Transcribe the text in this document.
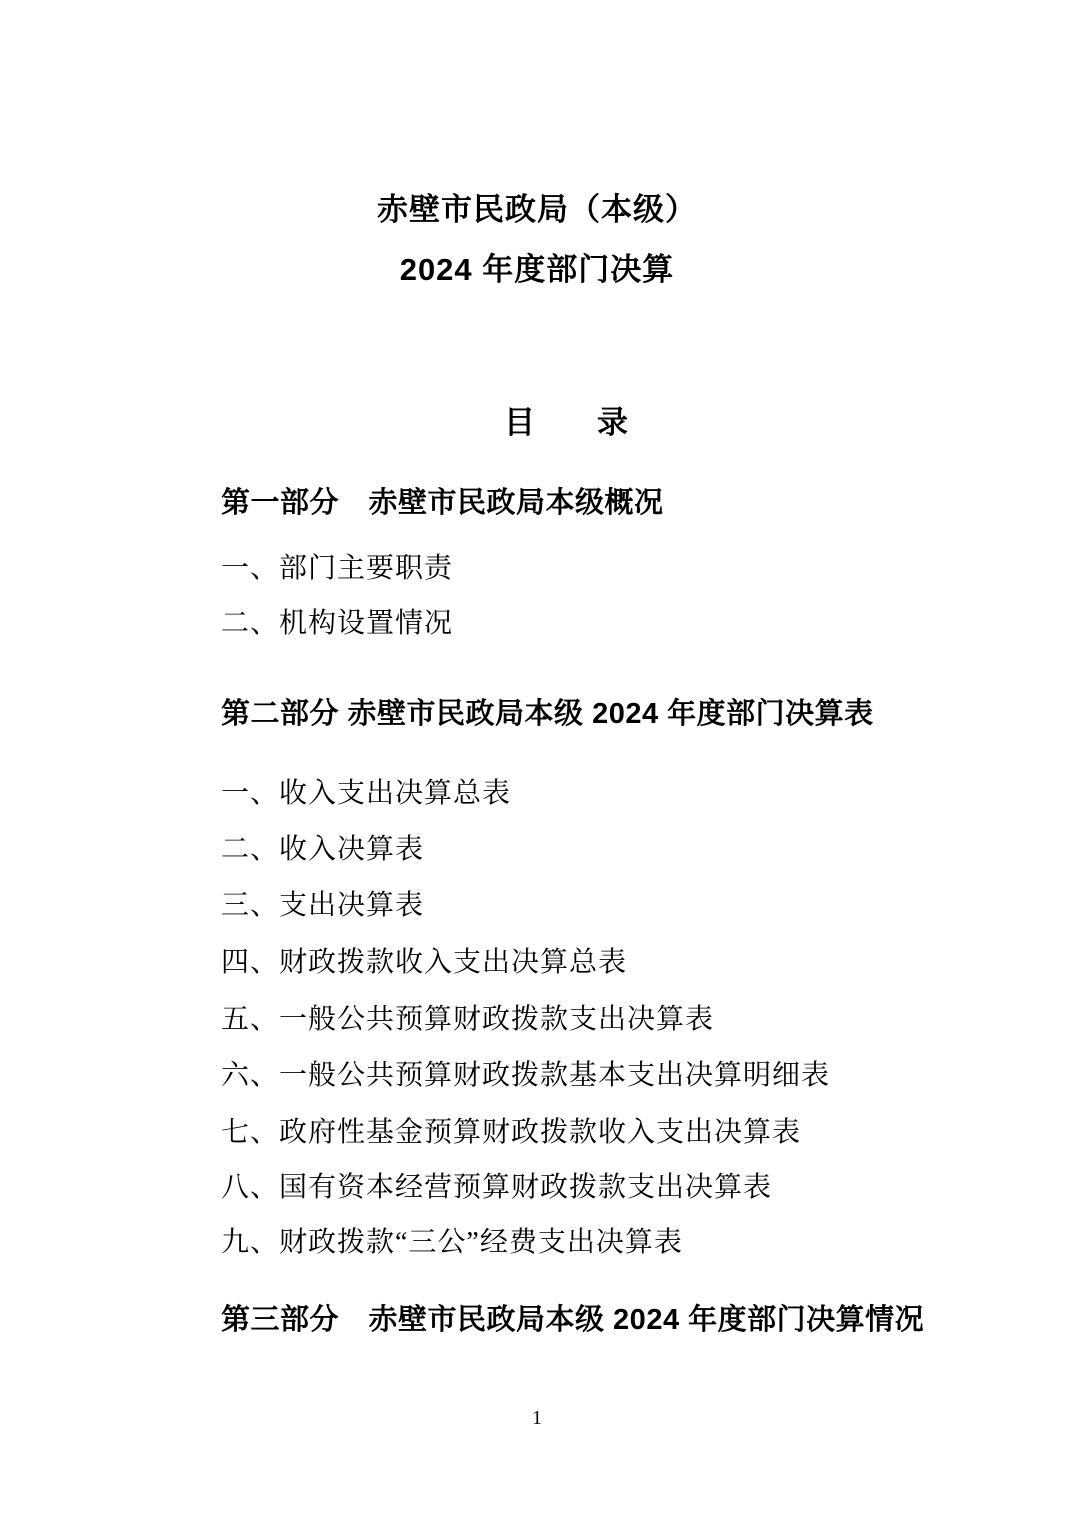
赤壁市民政局（本级）
2024 年度部门决算
目　　录
第一部分　赤壁市民政局本级概况
一、部门主要职责
二、机构设置情况
第二部分 赤壁市民政局本级 2024 年度部门决算表
一、收入支出决算总表
二、收入决算表
三、支出决算表
四、财政拨款收入支出决算总表
五、一般公共预算财政拨款支出决算表
六、一般公共预算财政拨款基本支出决算明细表
七、政府性基金预算财政拨款收入支出决算表
八、国有资本经营预算财政拨款支出决算表
九、财政拨款“三公”经费支出决算表
第三部分　赤壁市民政局本级 2024 年度部门决算情况
1
